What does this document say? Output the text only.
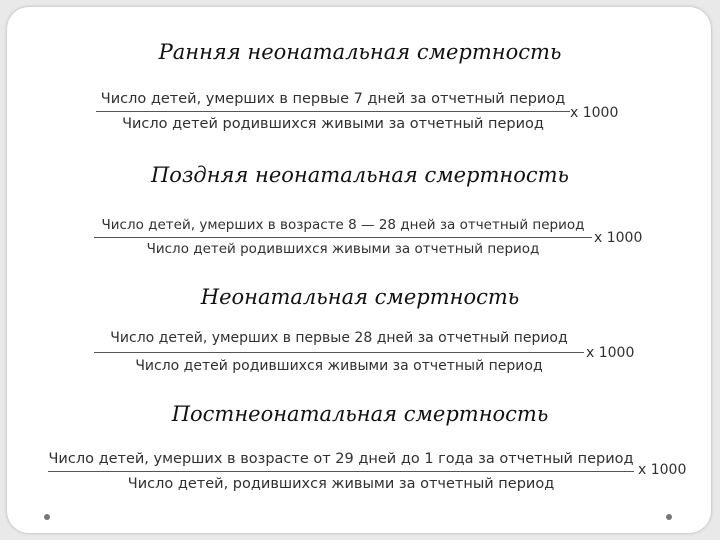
Ранняя неонатальная смертность
Число детей, умерших в первые 7 дней за отчетный период
Число детей родившихся живыми за отчетный период
x 1000
Поздняя неонатальная смертность
Число детей, умерших в возрасте 8 — 28 дней за отчетный период
Число детей родившихся живыми за отчетный период
x 1000
Неонатальная смертность
Число детей, умерших в первые 28 дней за отчетный период
Число детей родившихся живыми за отчетный период
x 1000
Постнеонатальная смертность
Число детей, умерших в возрасте от 29 дней до 1 года за отчетный период
Число детей, родившихся живыми за отчетный период
x 1000
